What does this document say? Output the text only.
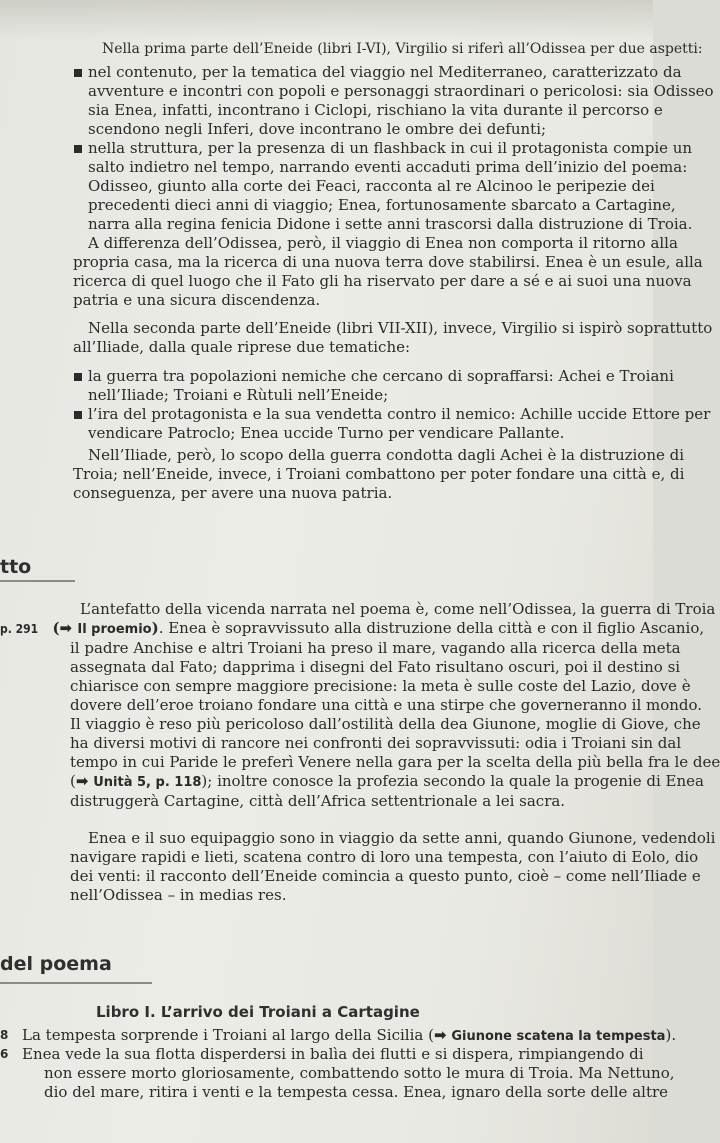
Nella prima parte dell’Eneide (libri I-VI), Virgilio si riferì all’Odissea per due aspetti:

nel contenuto, per la tematica del viaggio nel Mediterraneo, caratterizzato da
avventure e incontri con popoli e personaggi straordinari o pericolosi: sia Odisseo
sia Enea, infatti, incontrano i Ciclopi, rischiano la vita durante il percorso e
scendono negli Inferi, dove incontrano le ombre dei defunti;
nella struttura, per la presenza di un flashback in cui il protagonista compie un
salto indietro nel tempo, narrando eventi accaduti prima dell’inizio del poema:
Odisseo, giunto alla corte dei Feaci, racconta al re Alcinoo le peripezie dei
precedenti dieci anni di viaggio; Enea, fortunosamente sbarcato a Cartagine,
narra alla regina fenicia Didone i sette anni trascorsi dalla distruzione di Troia.

A differenza dell’Odissea, però, il viaggio di Enea non comporta il ritorno alla

propria casa, ma la ricerca di una nuova terra dove stabilirsi. Enea è un esule, alla

ricerca di quel luogo che il Fato gli ha riservato per dare a sé e ai suoi una nuova

patria e una sicura discendenza.

Nella seconda parte dell’Eneide (libri VII-XII), invece, Virgilio si ispirò soprattutto

all’Iliade, dalla quale riprese due tematiche:

la guerra tra popolazioni nemiche che cercano di sopraffarsi: Achei e Troiani
nell’Iliade; Troiani e Rùtuli nell’Eneide;
l’ira del protagonista e la sua vendetta contro il nemico: Achille uccide Ettore per
vendicare Patroclo; Enea uccide Turno per vendicare Pallante.

Nell’Iliade, però, lo scopo della guerra condotta dagli Achei è la distruzione di

Troia; nell’Eneide, invece, i Troiani combattono per poter fondare una città e, di

conseguenza, per avere una nuova patria.

tto

L’antefatto della vicenda narrata nel poema è, come nell’Odissea, la guerra di Troia

p. 291 (➡ Il proemio). Enea è sopravvissuto alla distruzione della città e con il figlio Ascanio,

il padre Anchise e altri Troiani ha preso il mare, vagando alla ricerca della meta

assegnata dal Fato; dapprima i disegni del Fato risultano oscuri, poi il destino si

chiarisce con sempre maggiore precisione: la meta è sulle coste del Lazio, dove è

dovere dell’eroe troiano fondare una città e una stirpe che governeranno il mondo.

Il viaggio è reso più pericoloso dall’ostilità della dea Giunone, moglie di Giove, che

ha diversi motivi di rancore nei confronti dei sopravvissuti: odia i Troiani sin dal

tempo in cui Paride le preferì Venere nella gara per la scelta della più bella fra le dee

(➡ Unità 5, p. 118); inoltre conosce la profezia secondo la quale la progenie di Enea

distruggerà Cartagine, città dell’Africa settentrionale a lei sacra.

Enea e il suo equipaggio sono in viaggio da sette anni, quando Giunone, vedendoli

navigare rapidi e lieti, scatena contro di loro una tempesta, con l’aiuto di Eolo, dio

dei venti: il racconto dell’Eneide comincia a questo punto, cioè – come nell’Iliade e

nell’Odissea – in medias res.

del poema
Libro I. L’arrivo dei Troiani a Cartagine
8 La tempesta sorprende i Troiani al largo della Sicilia (➡ Giunone scatena la tempesta).

6 Enea vede la sua flotta disperdersi in balìa dei flutti e si dispera, rimpiangendo di

non essere morto gloriosamente, combattendo sotto le mura di Troia. Ma Nettuno,

dio del mare, ritira i venti e la tempesta cessa. Enea, ignaro della sorte delle altre
